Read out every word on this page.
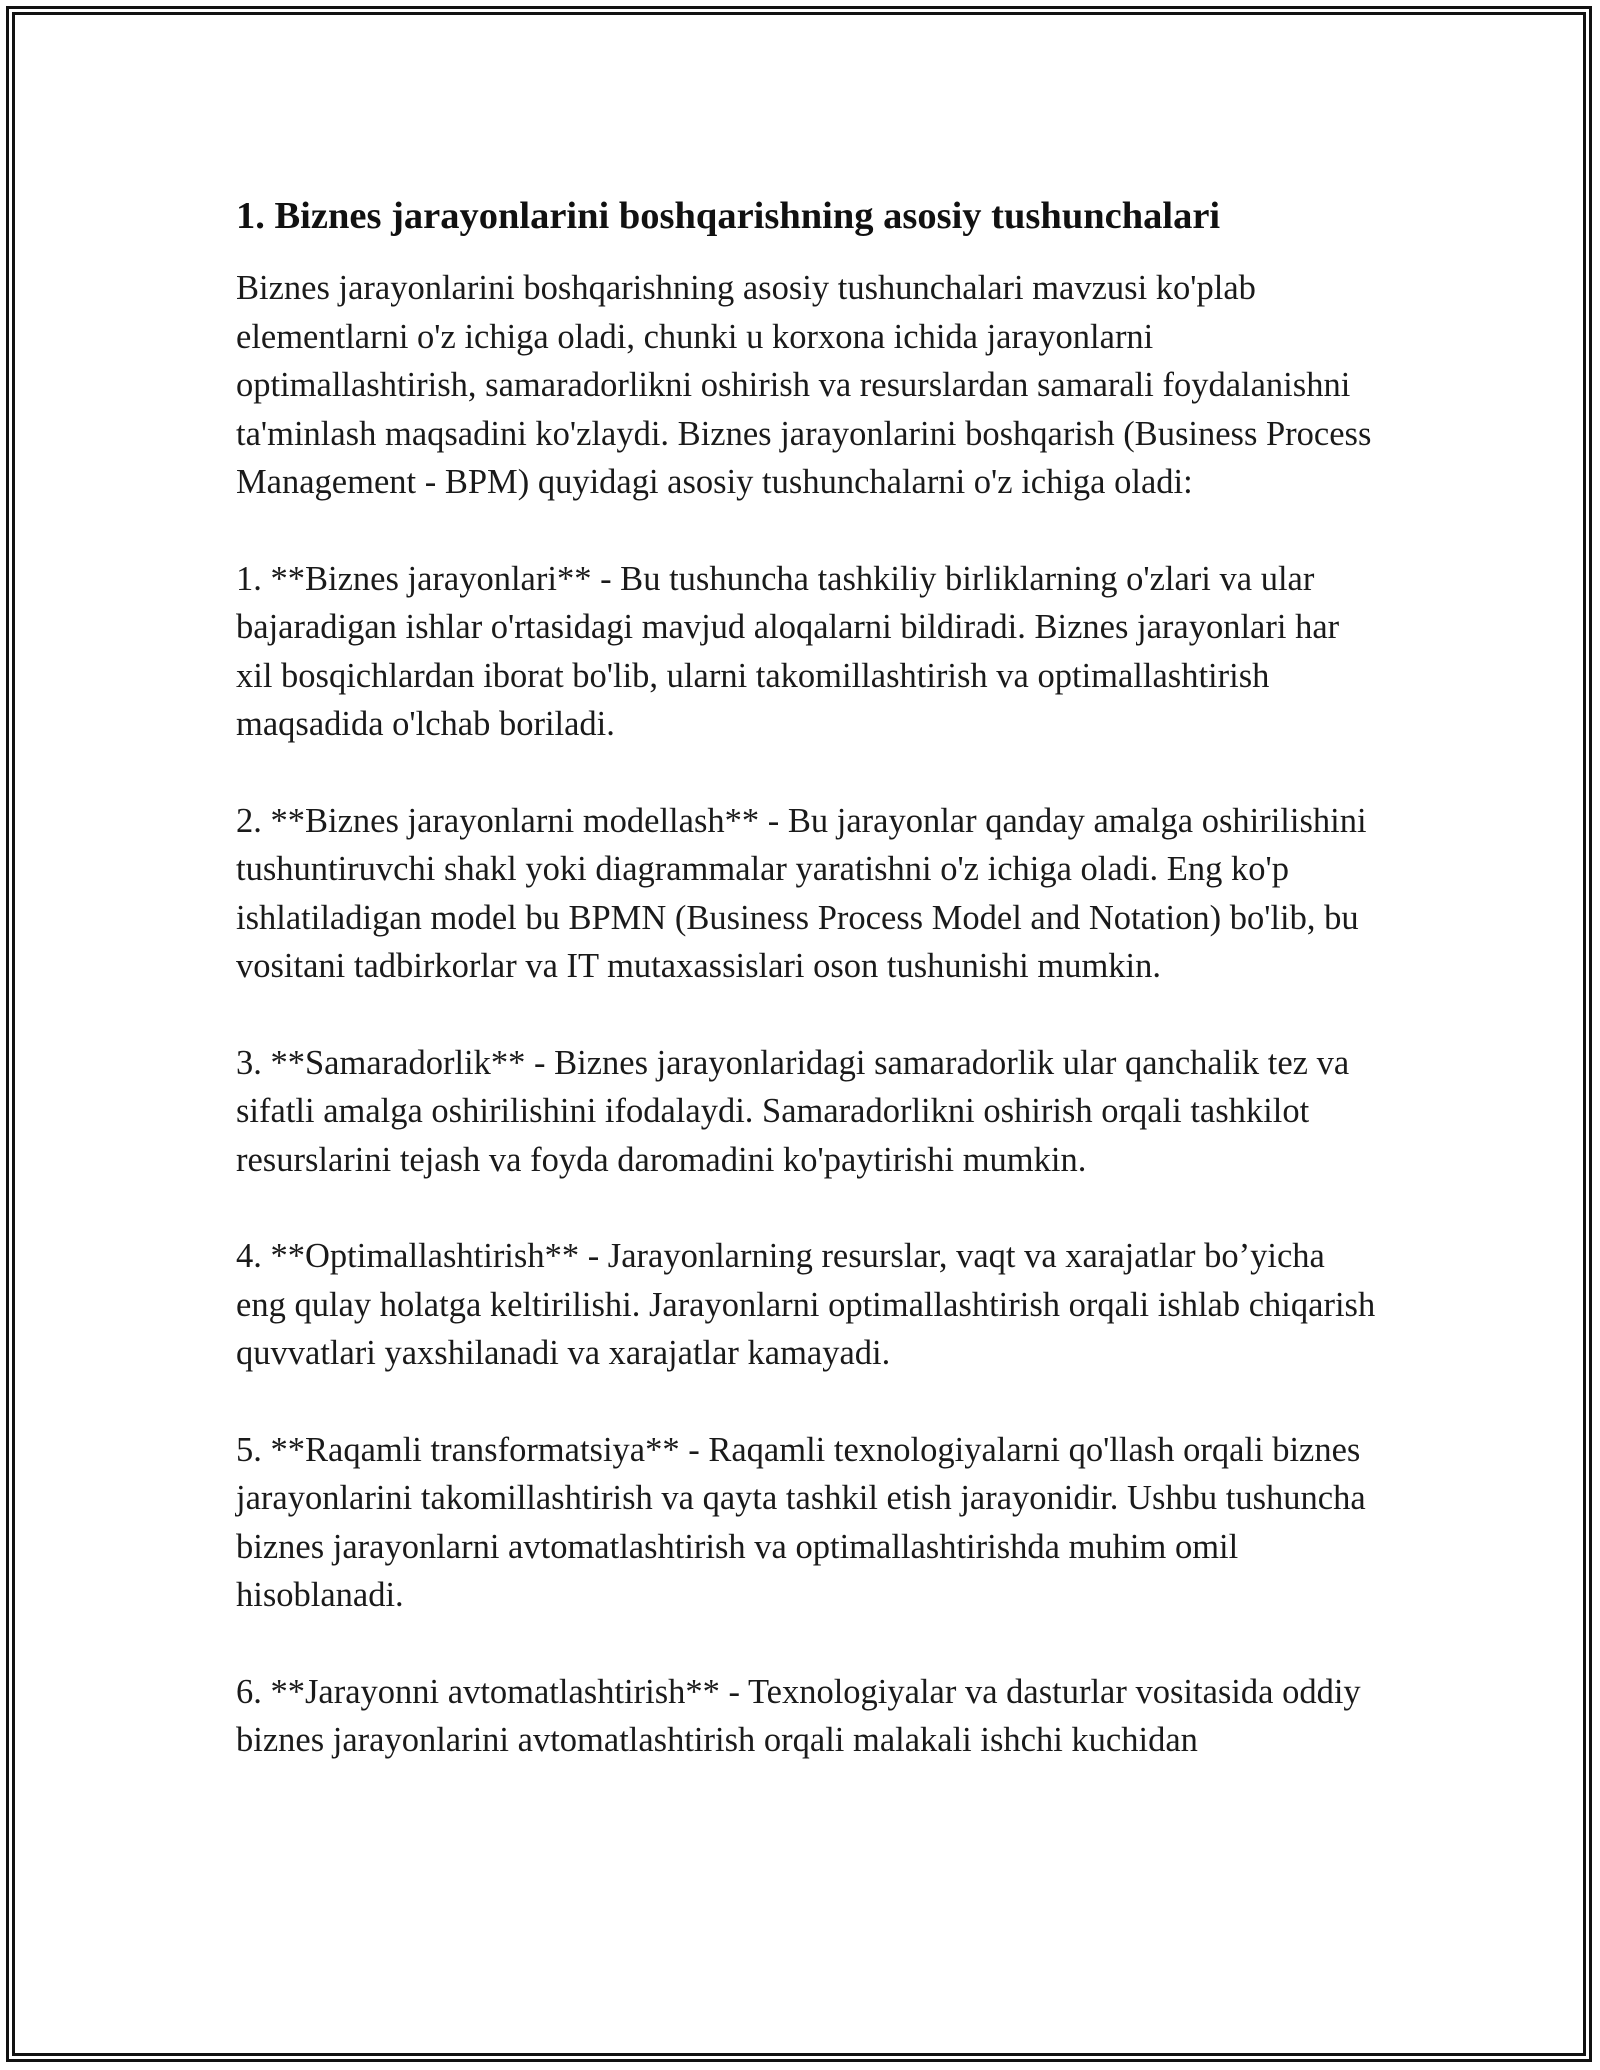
1. Biznes jarayonlarini boshqarishning asosiy tushunchalari

Biznes jarayonlarini boshqarishning asosiy tushunchalari mavzusi ko'plab elementlarni o'z ichiga oladi, chunki u korxona ichida jarayonlarni optimallashtirish, samaradorlikni oshirish va resurslardan samarali foydalanishni ta'minlash maqsadini ko'zlaydi. Biznes jarayonlarini boshqarish (Business Process Management - BPM) quyidagi asosiy tushunchalarni o'z ichiga oladi:

1. **Biznes jarayonlari** - Bu tushuncha tashkiliy birliklarning o'zlari va ular bajaradigan ishlar o'rtasidagi mavjud aloqalarni bildiradi. Biznes jarayonlari har xil bosqichlardan iborat bo'lib, ularni takomillashtirish va optimallashtirish maqsadida o'lchab boriladi.

2. **Biznes jarayonlarni modellash** - Bu jarayonlar qanday amalga oshirilishini tushuntiruvchi shakl yoki diagrammalar yaratishni o'z ichiga oladi. Eng ko'p ishlatiladigan model bu BPMN (Business Process Model and Notation) bo'lib, bu vositani tadbirkorlar va IT mutaxassislari oson tushunishi mumkin.

3. **Samaradorlik** - Biznes jarayonlaridagi samaradorlik ular qanchalik tez va sifatli amalga oshirilishini ifodalaydi. Samaradorlikni oshirish orqali tashkilot resurslarini tejash va foyda daromadini ko'paytirishi mumkin.

4. **Optimallashtirish** - Jarayonlarning resurslar, vaqt va xarajatlar bo’yicha eng qulay holatga keltirilishi. Jarayonlarni optimallashtirish orqali ishlab chiqarish quvvatlari yaxshilanadi va xarajatlar kamayadi.

5. **Raqamli transformatsiya** - Raqamli texnologiyalarni qo'llash orqali biznes jarayonlarini takomillashtirish va qayta tashkil etish jarayonidir. Ushbu tushuncha biznes jarayonlarni avtomatlashtirish va optimallashtirishda muhim omil hisoblanadi.

6. **Jarayonni avtomatlashtirish** - Texnologiyalar va dasturlar vositasida oddiy biznes jarayonlarini avtomatlashtirish orqali malakali ishchi kuchidan
